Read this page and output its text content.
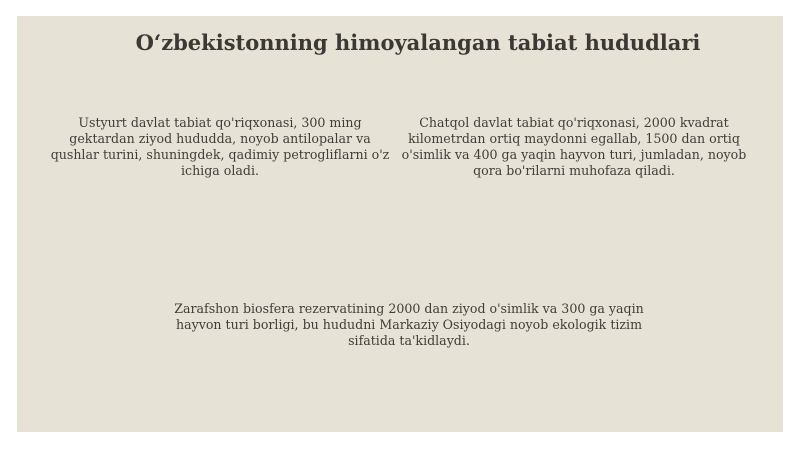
O‘zbekistonning himoyalangan tabiat hududlari
Ustyurt davlat tabiat qo'riqxonasi, 300 ming gektardan ziyod hududda, noyob antilopalar va qushlar turini, shuningdek, qadimiy petrogliflarni o'z ichiga oladi.
Chatqol davlat tabiat qo'riqxonasi, 2000 kvadrat kilometrdan ortiq maydonni egallab, 1500 dan ortiq o'simlik va 400 ga yaqin hayvon turi, jumladan, noyob qora bo'rilarni muhofaza qiladi.
Zarafshon biosfera rezervatining 2000 dan ziyod o'simlik va 300 ga yaqin hayvon turi borligi, bu hududni Markaziy Osiyodagi noyob ekologik tizim sifatida ta'kidlaydi.
